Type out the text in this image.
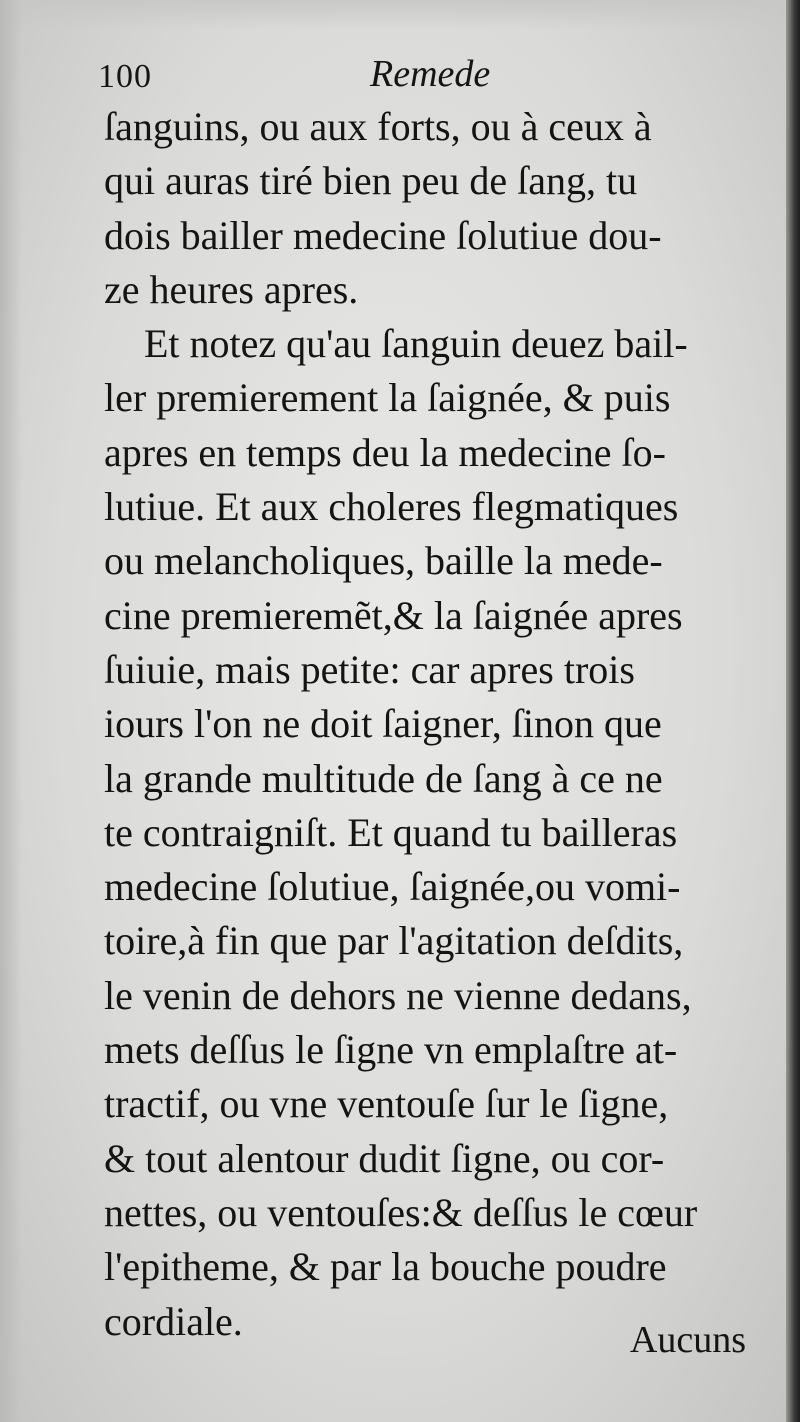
100	Remede
ſanguins, ou aux forts, ou à ceux à
qui auras tiré bien peu de ſang, tu
dois bailler medecine ſolutiue dou-
ze heures apres.
Et notez qu'au ſanguin deuez bail-
ler premierement la ſaignée, & puis
apres en temps deu la medecine ſo-
lutiue. Et aux choleres flegmatiques
ou melancholiques, baille la mede-
cine premieremẽt,& la ſaignée apres
ſuiuie, mais petite: car apres trois
iours l'on ne doit ſaigner, ſinon que
la grande multitude de ſang à ce ne
te contraigniſt. Et quand tu bailleras
medecine ſolutiue, ſaignée,ou vomi-
toire,à fin que par l'agitation deſdits,
le venin de dehors ne vienne dedans,
mets deſſus le ſigne vn emplaſtre at-
tractif, ou vne ventouſe ſur le ſigne,
& tout alentour dudit ſigne, ou cor-
nettes, ou ventouſes:& deſſus le cœur
l'epitheme, & par la bouche poudre
cordiale.	Aucuns
